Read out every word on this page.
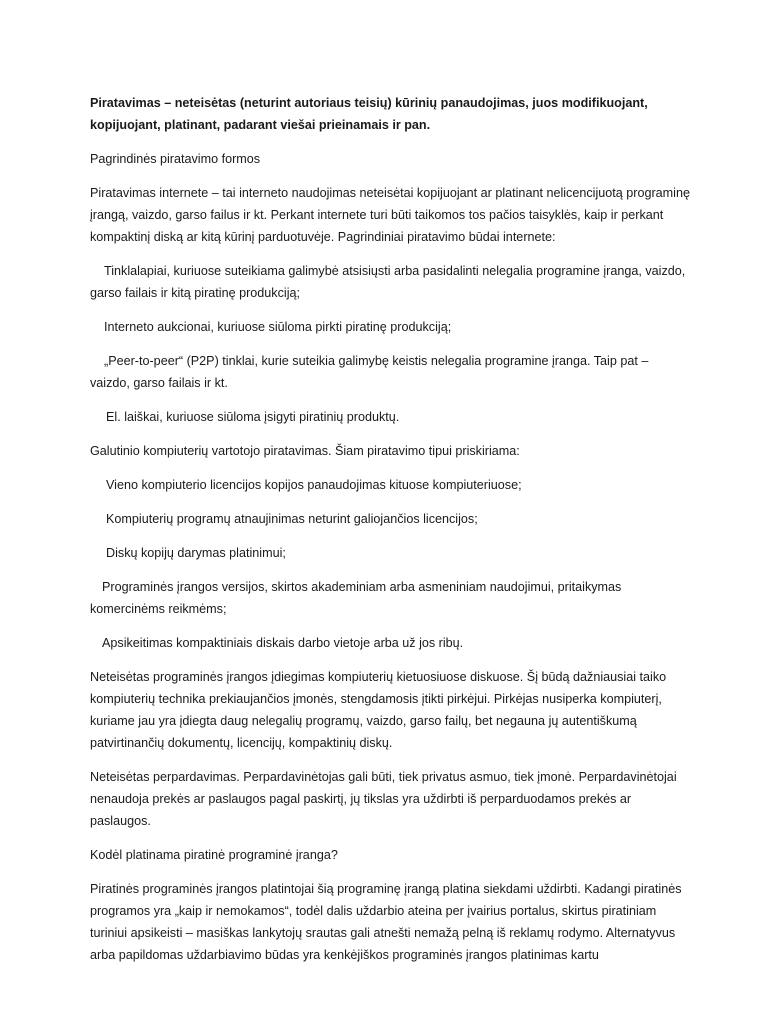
Piratavimas – neteisėtas (neturint autoriaus teisių) kūrinių panaudojimas, juos modifikuojant, kopijuojant, platinant, padarant viešai prieinamais ir pan.

Pagrindinės piratavimo formos

Piratavimas internete – tai interneto naudojimas neteisėtai kopijuojant ar platinant nelicencijuotą programinę įrangą, vaizdo, garso failus ir kt. Perkant internete turi būti taikomos tos pačios taisyklės, kaip ir perkant kompaktinį diską ar kitą kūrinį parduotuvėje. Pagrindiniai piratavimo būdai internete:

Tinklalapiai, kuriuose suteikiama galimybė atsisiųsti arba pasidalinti nelegalia programine įranga, vaizdo, garso failais ir kitą piratinę produkciją;

Interneto aukcionai, kuriuose siūloma pirkti piratinę produkciją;

„Peer-to-peer“ (P2P) tinklai, kurie suteikia galimybę keistis nelegalia programine įranga. Taip pat – vaizdo, garso failais ir kt.

El. laiškai, kuriuose siūloma įsigyti piratinių produktų.

Galutinio kompiuterių vartotojo piratavimas. Šiam piratavimo tipui priskiriama:

Vieno kompiuterio licencijos kopijos panaudojimas kituose kompiuteriuose;

Kompiuterių programų atnaujinimas neturint galiojančios licencijos;

Diskų kopijų darymas platinimui;

Programinės įrangos versijos, skirtos akademiniam arba asmeniniam naudojimui, pritaikymas komercinėms reikmėms;

Apsikeitimas kompaktiniais diskais darbo vietoje arba už jos ribų.

Neteisėtas programinės įrangos įdiegimas kompiuterių kietuosiuose diskuose. Šį būdą dažniausiai taiko kompiuterių technika prekiaujančios įmonės, stengdamosis įtikti pirkėjui. Pirkėjas nusiperka kompiuterį, kuriame jau yra įdiegta daug nelegalių programų, vaizdo, garso failų, bet negauna jų autentiškumą patvirtinančių dokumentų, licencijų, kompaktinių diskų.

Neteisėtas perpardavimas. Perpardavinėtojas gali būti, tiek privatus asmuo, tiek įmonė. Perpardavinėtojai nenaudoja prekės ar paslaugos pagal paskirtį, jų tikslas yra uždirbti iš perparduodamos prekės ar paslaugos.

Kodėl platinama piratinė programinė įranga?

Piratinės programinės įrangos platintojai šią programinę įrangą platina siekdami uždirbti. Kadangi piratinės programos yra „kaip ir nemokamos“, todėl dalis uždarbio ateina per įvairius portalus, skirtus piratiniam turiniui apsikeisti – masiškas lankytojų srautas gali atnešti nemažą pelną iš reklamų rodymo. Alternatyvus arba papildomas uždarbiavimo būdas yra kenkėjiškos programinės įrangos platinimas kartu
